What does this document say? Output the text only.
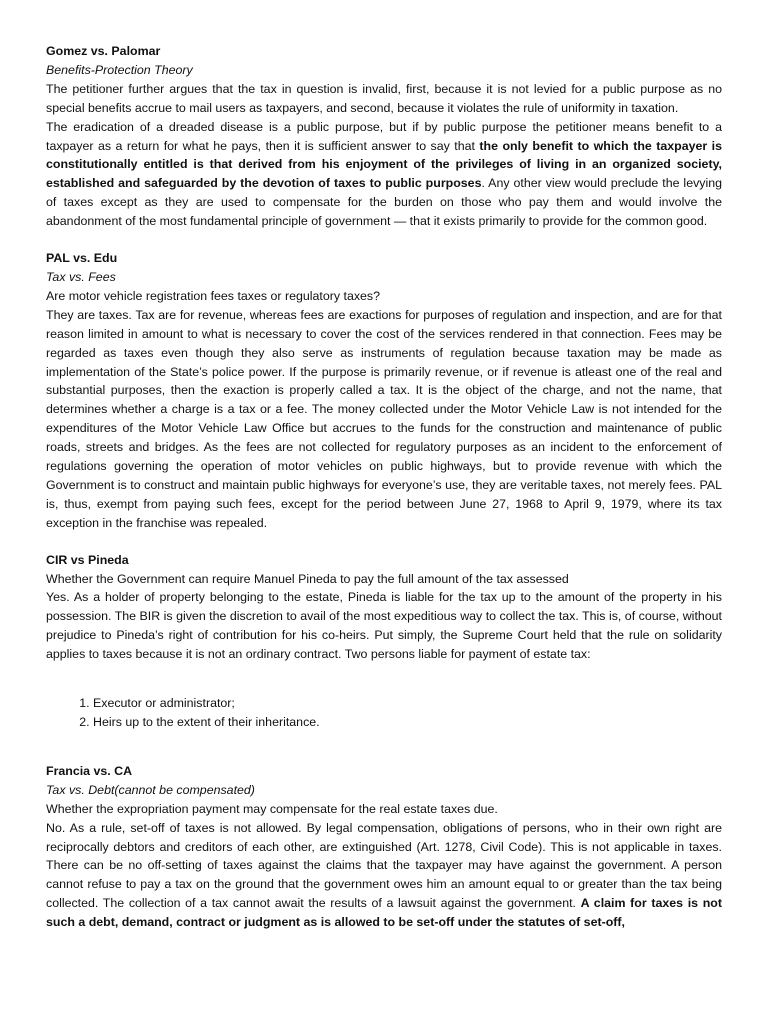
Gomez vs. Palomar
Benefits-Protection Theory

The petitioner further argues that the tax in question is invalid, first, because it is not levied for a public purpose as no special benefits accrue to mail users as taxpayers, and second, because it violates the rule of uniformity in taxation.

The eradication of a dreaded disease is a public purpose, but if by public purpose the petitioner means benefit to a taxpayer as a return for what he pays, then it is sufficient answer to say that the only benefit to which the taxpayer is constitutionally entitled is that derived from his enjoyment of the privileges of living in an organized society, established and safeguarded by the devotion of taxes to public purposes. Any other view would preclude the levying of taxes except as they are used to compensate for the burden on those who pay them and would involve the abandonment of the most fundamental principle of government — that it exists primarily to provide for the common good.

PAL vs. Edu
Tax vs. Fees

Are motor vehicle registration fees taxes or regulatory taxes?

They are taxes. Tax are for revenue, whereas fees are exactions for purposes of regulation and inspection, and are for that reason limited in amount to what is necessary to cover the cost of the services rendered in that connection. Fees may be regarded as taxes even though they also serve as instruments of regulation because taxation may be made as implementation of the State’s police power. If the purpose is primarily revenue, or if revenue is atleast one of the real and substantial purposes, then the exaction is properly called a tax. It is the object of the charge, and not the name, that determines whether a charge is a tax or a fee. The money collected under the Motor Vehicle Law is not intended for the expenditures of the Motor Vehicle Law Office but accrues to the funds for the construction and maintenance of public roads, streets and bridges. As the fees are not collected for regulatory purposes as an incident to the enforcement of regulations governing the operation of motor vehicles on public highways, but to provide revenue with which the Government is to construct and maintain public highways for everyone’s use, they are veritable taxes, not merely fees. PAL is, thus, exempt from paying such fees, except for the period between June 27, 1968 to April 9, 1979, where its tax exception in the franchise was repealed.

CIR vs Pineda

Whether the Government can require Manuel Pineda to pay the full amount of the tax assessed

Yes. As a holder of property belonging to the estate, Pineda is liable for the tax up to the amount of the property in his possession. The BIR is given the discretion to avail of the most expeditious way to collect the tax. This is, of course, without prejudice to Pineda’s right of contribution for his co-heirs. Put simply, the Supreme Court held that the rule on solidarity applies to taxes because it is not an ordinary contract. Two persons liable for payment of estate tax:

1. Executor or administrator;
2. Heirs up to the extent of their inheritance.
Francia vs. CA
Tax vs. Debt(cannot be compensated)

Whether the expropriation payment may compensate for the real estate taxes due.

No. As a rule, set-off of taxes is not allowed. By legal compensation, obligations of persons, who in their own right are reciprocally debtors and creditors of each other, are extinguished (Art. 1278, Civil Code). This is not applicable in taxes. There can be no off-setting of taxes against the claims that the taxpayer may have against the government. A person cannot refuse to pay a tax on the ground that the government owes him an amount equal to or greater than the tax being collected. The collection of a tax cannot await the results of a lawsuit against the government. A claim for taxes is not such a debt, demand, contract or judgment as is allowed to be set-off under the statutes of set-off,
